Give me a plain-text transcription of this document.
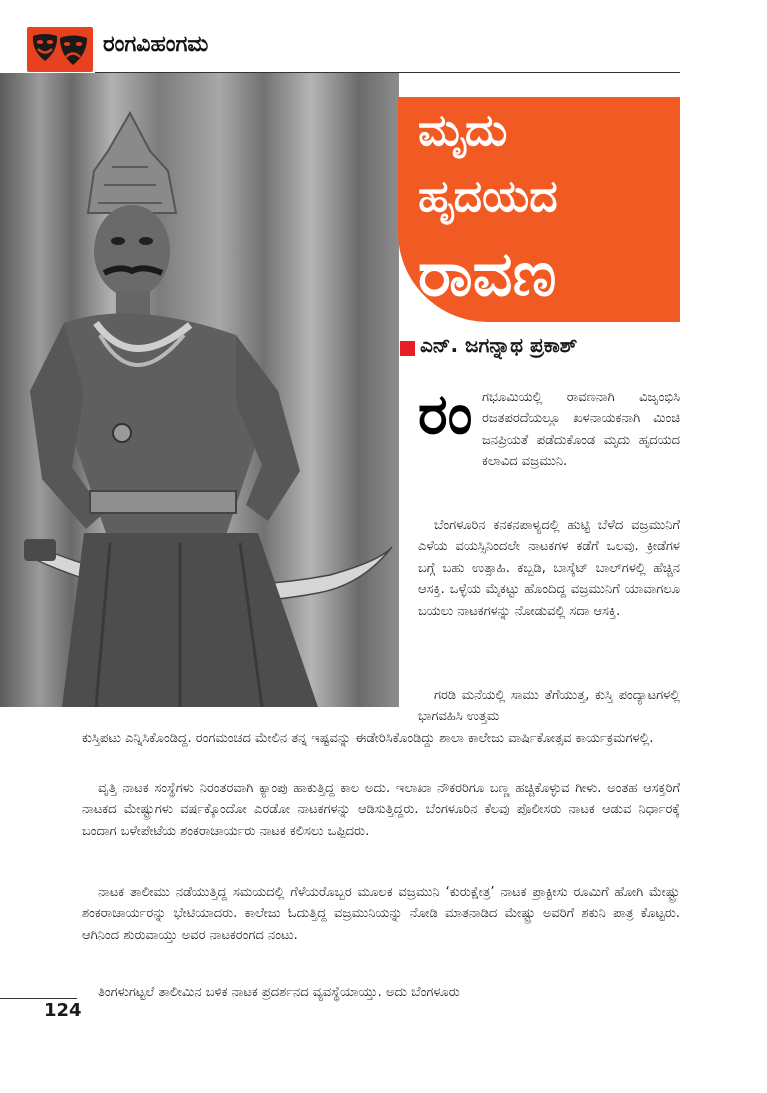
ರಂಗವಿಹಂಗಮ
ಮೃದು
ಹೃದಯದ
ರಾವಣ
ಎನ್. ಜಗನ್ನಾಥ ಪ್ರಕಾಶ್
ರಂ ಗಭೂಮಿಯಲ್ಲಿ ರಾವಣನಾಗಿ ವಿಜೃಂಭಿಸಿ ರಜತಪರದೆಯಲ್ಲೂ ಖಳನಾಯಕನಾಗಿ ಮಿಂಚಿ ಜನಪ್ರಿಯತೆ ಪಡೆದುಕೊಂಡ ಮೃದು ಹೃದಯದ ಕಲಾವಿದ ವಜ್ರಮುನಿ.

ಬೆಂಗಳೂರಿನ ಕನಕನಪಾಳ್ಯದಲ್ಲಿ ಹುಟ್ಟಿ ಬೆಳೆದ ವಜ್ರಮುನಿಗೆ ಎಳೆಯ ವಯಸ್ಸಿನಿಂದಲೇ ನಾಟಕಗಳ ಕಡೆಗೆ ಒಲವು. ಕ್ರೀಡೆಗಳ ಬಗ್ಗೆ ಬಹು ಉತ್ಸಾಹಿ. ಕಬ್ಬಡಿ, ಬಾಸ್ಕೆಟ್ ಬಾಲ್‌ಗಳಲ್ಲಿ ಹೆಚ್ಚಿನ ಆಸಕ್ತಿ. ಒಳ್ಳೆಯ ಮೈಕಟ್ಟು ಹೊಂದಿದ್ದ ವಜ್ರಮುನಿಗೆ ಯಾವಾಗಲೂ ಬಯಲು ನಾಟಕಗಳನ್ನು ನೋಡುವಲ್ಲಿ ಸದಾ ಆಸಕ್ತಿ.

ಗರಡಿ ಮನೆಯಲ್ಲಿ ಸಾಮು ತೆಗೆಯುತ್ತ, ಕುಸ್ತಿ ಪಂದ್ಯಾಟಗಳಲ್ಲಿ ಭಾಗವಹಿಸಿ ಉತ್ತಮ

ಕುಸ್ತಿಪಟು ಎನ್ನಿಸಿಕೊಂಡಿದ್ದ. ರಂಗಮಂಚದ ಮೇಲಿನ ತನ್ನ ಇಷ್ಟವನ್ನು ಈಡೇರಿಸಿಕೊಂಡಿದ್ದು ಶಾಲಾ ಕಾಲೇಜು ವಾರ್ಷಿಕೋತ್ಸವ ಕಾರ್ಯಕ್ರಮಗಳಲ್ಲಿ.

ವೃತ್ತಿ ನಾಟಕ ಸಂಸ್ಥೆಗಳು ನಿರಂತರವಾಗಿ ಕ್ಯಾಂಪು ಹಾಕುತ್ತಿದ್ದ ಕಾಲ ಅದು. ಇಲಾಖಾ ನೌಕರರಿಗೂ ಬಣ್ಣ ಹಚ್ಚಿಕೊಳ್ಳುವ ಗೀಳು. ಅಂತಹ ಆಸಕ್ತರಿಗೆ ನಾಟಕದ ಮೇಷ್ಟ್ರುಗಳು ವರ್ಷಕ್ಕೊಂದೋ ಎರಡೋ ನಾಟಕಗಳನ್ನು ಆಡಿಸುತ್ತಿದ್ದರು. ಬೆಂಗಳೂರಿನ ಕೆಲವು ಪೊಲೀಸರು ನಾಟಕ ಆಡುವ ನಿರ್ಧಾರಕ್ಕೆ ಬಂದಾಗ ಬಳೇಪೇಟೆಯ ಶಂಕರಾಚಾರ್ಯರು ನಾಟಕ ಕಲಿಸಲು ಒಪ್ಪಿದರು.

ನಾಟಕ ತಾಲೀಮು ನಡೆಯುತ್ತಿದ್ದ ಸಮಯದಲ್ಲಿ ಗೆಳೆಯರೊಬ್ಬರ ಮೂಲಕ ವಜ್ರಮುನಿ ‘ಕುರುಕ್ಷೇತ್ರ’ ನಾಟಕ ಪ್ರಾಕ್ಟೀಸು ರೂಮಿಗೆ ಹೋಗಿ ಮೇಷ್ಟ್ರು ಶಂಕರಾಚಾರ್ಯರನ್ನು ಭೇಟಿಯಾದರು. ಕಾಲೇಜು ಓದುತ್ತಿದ್ದ ವಜ್ರಮುನಿಯನ್ನು ನೋಡಿ ಮಾತನಾಡಿದ ಮೇಷ್ಟ್ರು ಅವರಿಗೆ ಶಕುನಿ ಪಾತ್ರ ಕೊಟ್ಟರು. ಆಗಿನಿಂದ ಶುರುವಾಯ್ತು ಅವರ ನಾಟಕರಂಗದ ನಂಟು.

ತಿಂಗಳುಗಟ್ಟಲೆ ತಾಲೀಮಿನ ಬಳಿಕ ನಾಟಕ ಪ್ರದರ್ಶನದ ವ್ಯವಸ್ಥೆಯಾಯ್ತು. ಅದು ಬೆಂಗಳೂರು

124
